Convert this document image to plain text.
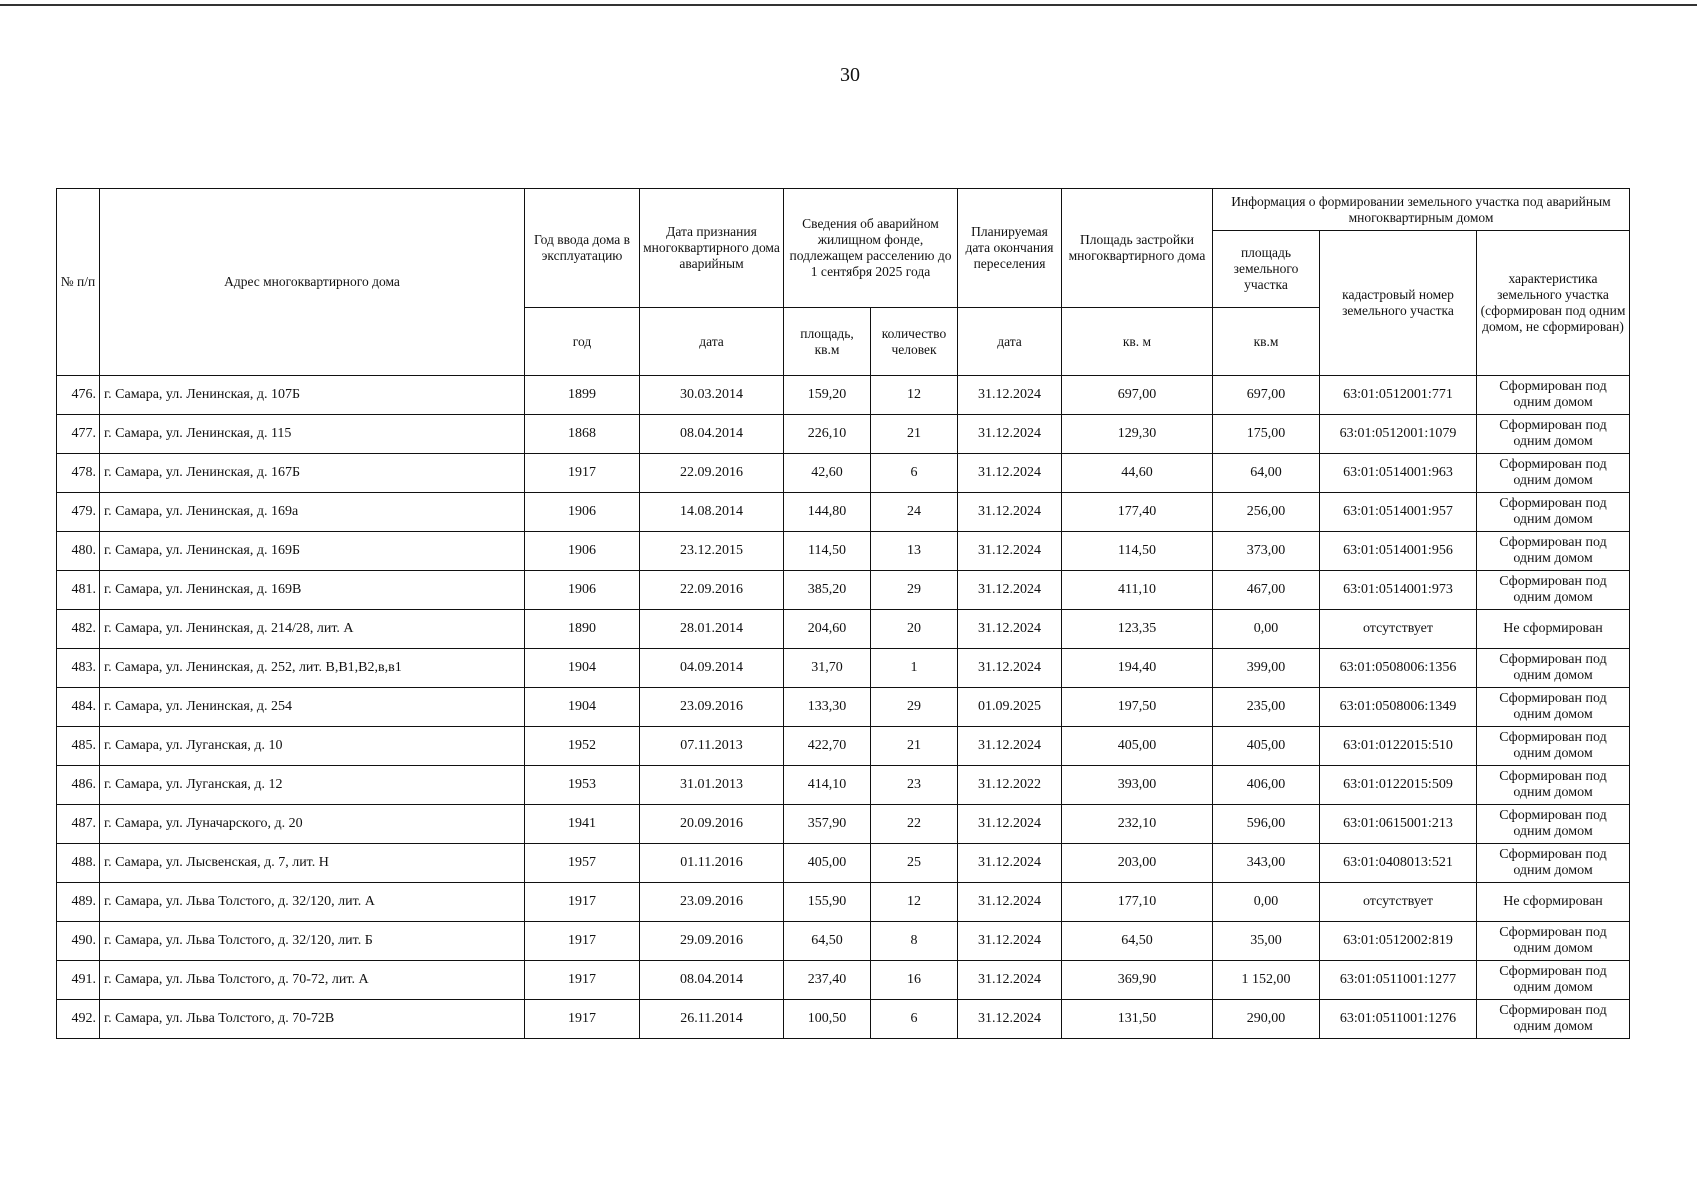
30
№ п/п	Адрес многоквартирного дома	Год ввода дома в эксплуатацию	Дата признания многоквартирного дома аварийным	Сведения об аварийном жилищном фонде, подлежащем расселению до 1 сентября 2025 года		Планируемая дата окончания переселения	Площадь застройки многоквартирного дома	Информация о формировании земельного участка под аварийным многоквартирным домом		
								площадь земельного участка	кадастровый номер земельного участка	характеристика земельного участка (сформирован под одним домом, не сформирован)
		год	дата	площадь, кв.м	количество человек	дата	кв. м	кв.м		
476.	г. Самара, ул. Ленинская, д. 107Б	1899	30.03.2014	159,20	12	31.12.2024	697,00	697,00	63:01:0512001:771	Сформирован под одним домом
477.	г. Самара, ул. Ленинская, д. 115	1868	08.04.2014	226,10	21	31.12.2024	129,30	175,00	63:01:0512001:1079	Сформирован под одним домом
478.	г. Самара, ул. Ленинская, д. 167Б	1917	22.09.2016	42,60	6	31.12.2024	44,60	64,00	63:01:0514001:963	Сформирован под одним домом
479.	г. Самара, ул. Ленинская, д. 169а	1906	14.08.2014	144,80	24	31.12.2024	177,40	256,00	63:01:0514001:957	Сформирован под одним домом
480.	г. Самара, ул. Ленинская, д. 169Б	1906	23.12.2015	114,50	13	31.12.2024	114,50	373,00	63:01:0514001:956	Сформирован под одним домом
481.	г. Самара, ул. Ленинская, д. 169В	1906	22.09.2016	385,20	29	31.12.2024	411,10	467,00	63:01:0514001:973	Сформирован под одним домом
482.	г. Самара, ул. Ленинская, д. 214/28, лит. А	1890	28.01.2014	204,60	20	31.12.2024	123,35	0,00	отсутствует	Не сформирован
483.	г. Самара, ул. Ленинская, д. 252, лит. В,В1,В2,в,в1	1904	04.09.2014	31,70	1	31.12.2024	194,40	399,00	63:01:0508006:1356	Сформирован под одним домом
484.	г. Самара, ул. Ленинская, д. 254	1904	23.09.2016	133,30	29	01.09.2025	197,50	235,00	63:01:0508006:1349	Сформирован под одним домом
485.	г. Самара, ул. Луганская, д. 10	1952	07.11.2013	422,70	21	31.12.2024	405,00	405,00	63:01:0122015:510	Сформирован под одним домом
486.	г. Самара, ул. Луганская, д. 12	1953	31.01.2013	414,10	23	31.12.2022	393,00	406,00	63:01:0122015:509	Сформирован под одним домом
487.	г. Самара, ул. Луначарского, д. 20	1941	20.09.2016	357,90	22	31.12.2024	232,10	596,00	63:01:0615001:213	Сформирован под одним домом
488.	г. Самара, ул. Лысвенская, д. 7, лит. Н	1957	01.11.2016	405,00	25	31.12.2024	203,00	343,00	63:01:0408013:521	Сформирован под одним домом
489.	г. Самара, ул. Льва Толстого, д. 32/120, лит. А	1917	23.09.2016	155,90	12	31.12.2024	177,10	0,00	отсутствует	Не сформирован
490.	г. Самара, ул. Льва Толстого, д. 32/120, лит. Б	1917	29.09.2016	64,50	8	31.12.2024	64,50	35,00	63:01:0512002:819	Сформирован под одним домом
491.	г. Самара, ул. Льва Толстого, д. 70-72, лит. А	1917	08.04.2014	237,40	16	31.12.2024	369,90	1 152,00	63:01:0511001:1277	Сформирован под одним домом
492.	г. Самара, ул. Льва Толстого, д. 70-72В	1917	26.11.2014	100,50	6	31.12.2024	131,50	290,00	63:01:0511001:1276	Сформирован под одним домом
